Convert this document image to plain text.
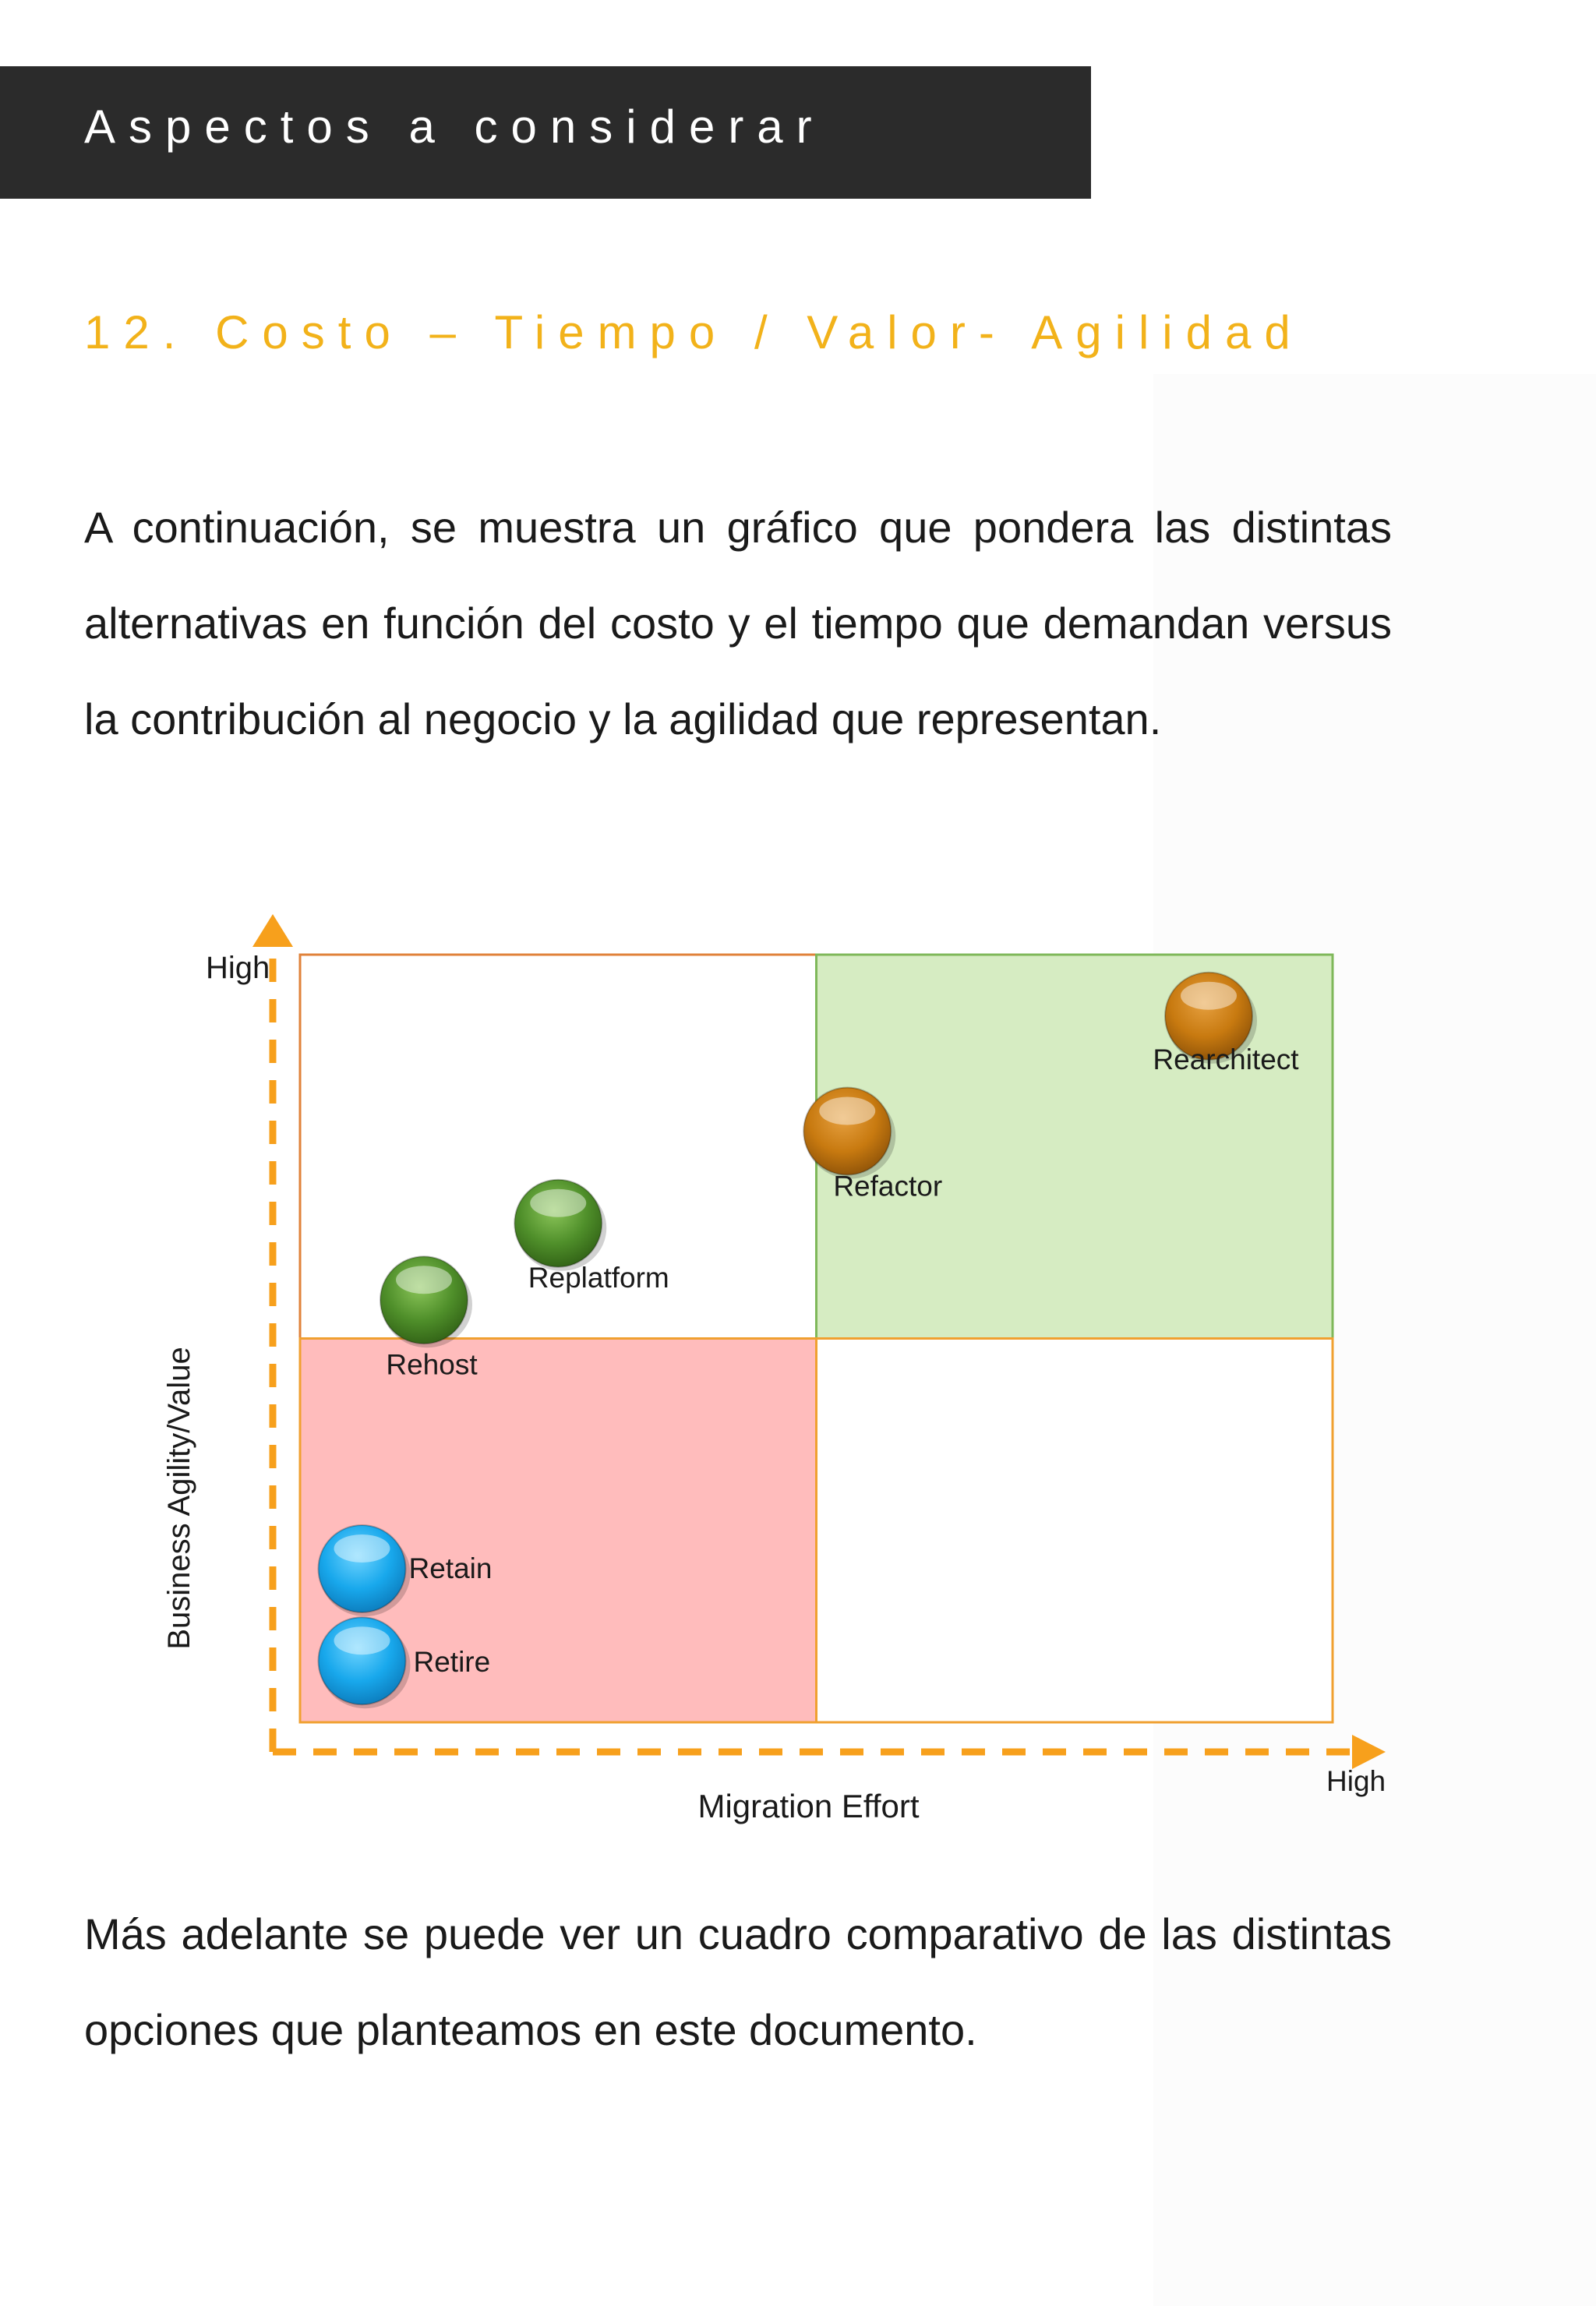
Aspectos a considerar
12. Costo – Tiempo / Valor- Agilidad
A continuación, se muestra un gráfico que pondera las distintas alternativas en función del costo y el tiempo que demandan versus la contribución al negocio y la agilidad que representan.
High
High
Migration Effort
Business Agility/Value	Retain
Retire
Rehost
Replatform
Refactor
Rearchitect
Más adelante se puede ver un cuadro comparativo de las distintas opciones que planteamos en este documento.
